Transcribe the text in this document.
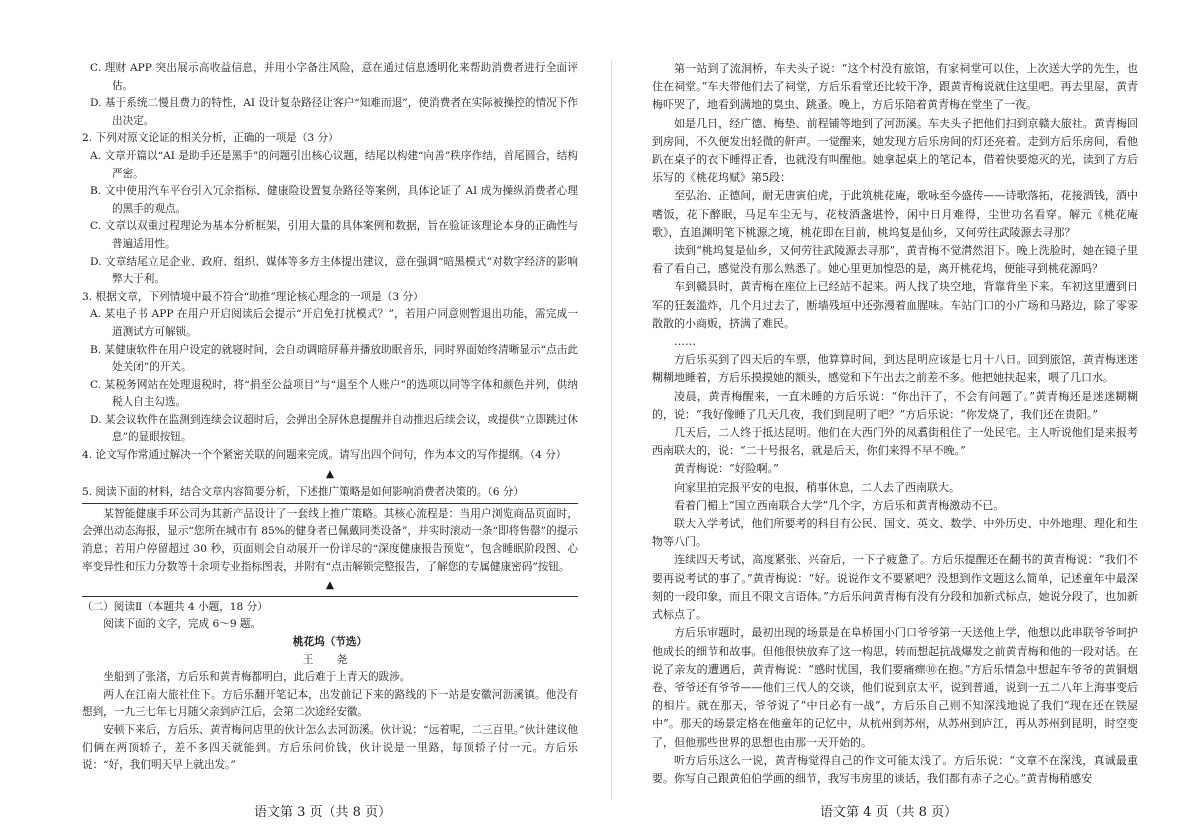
C. 理财 APP 突出展示高收益信息，并用小字备注风险，意在通过信息透明化来帮助消费者进行全面评估。

D. 基于系统二慢且费力的特性，AI 设计复杂路径让客户“知难而退”，使消费者在实际被操控的情况下作出决定。

2. 下列对原文论证的相关分析，正确的一项是（3 分）

A. 文章开篇以“AI 是助手还是黑手”的问题引出核心议题，结尾以构建“向善”秩序作结，首尾圆合，结构严密。

B. 文中使用汽车平台引入冗余指标、健康险设置复杂路径等案例，具体论证了 AI 成为操纵消费者心理的黑手的观点。

C. 文章以双重过程理论为基本分析框架，引用大量的具体案例和数据，旨在验证该理论本身的正确性与普遍适用性。

D. 文章结尾立足企业、政府、组织、媒体等多方主体提出建议，意在强调“暗黑模式”对数字经济的影响弊大于利。

3. 根据文章，下列情境中最不符合“助推”理论核心理念的一项是（3 分）

A. 某电子书 APP 在用户开启阅读后会提示“开启免打扰模式？”，若用户同意则暂退出功能，需完成一道测试方可解锁。

B. 某健康软件在用户设定的就寝时间，会自动调暗屏幕并播放助眠音乐，同时界面始终清晰显示“点击此处关闭”的开关。

C. 某税务网站在处理退税时，将“捐至公益项目”与“退至个人账户”的选项以同等字体和颜色并列，供纳税人自主勾选。

D. 某会议软件在监测到连续会议超时后，会弹出全屏休息提醒并自动推迟后续会议，或提供“立即跳过休息”的显眼按钮。

4. 论文写作常通过解决一个个紧密关联的问题来完成。请写出四个问句，作为本文的写作提纲。（4 分）

▲

5. 阅读下面的材料，结合文章内容简要分析，下述推广策略是如何影响消费者决策的。（6 分）

某智能健康手环公司为其新产品设计了一套线上推广策略。其核心流程是：当用户浏览商品页面时，会弹出动态海报，显示“您所在城市有 85%的健身者已佩戴同类设备”，并实时滚动一条“即将售罄”的提示消息；若用户停留超过 30 秒，页面则会自动展开一份详尽的“深度健康报告预览”，包含睡眠阶段图、心率变异性和压力分数等十余项专业指标图表，并附有“点击解锁完整报告，了解您的专属健康密码”按钮。

▲

（二）阅读Ⅱ（本题共 4 小题，18 分）

阅读下面的文字，完成 6～9 题。

桃花坞（节选）

王 尧

坐船到了张渚，方后乐和黄青梅都明白，此后难于上青天的跋涉。

两人在江南大旅社住下。方后乐翻开笔记本，出发前记下来的路线的下一站是安徽河沥溪镇。他没有想到，一九三七年七月随父亲到庐江后，会第二次途经安徽。

安顿下来后，方后乐、黄青梅问店里的伙计怎么去河沥溪。伙计说：“远着呢，二三百里。”伙计建议他们俩在两顶轿子，差不多四天就能到。方后乐问价钱，伙计说是一里路，每顶轿子付一元。方后乐说：“好，我们明天早上就出发。”

第一站到了流洞桥，车夫头子说：“这个村没有旅馆，有家祠堂可以住，上次送大学的先生，也住在祠堂。”车夫带他们去了祠堂，方后乐看堂还比较干净，跟黄青梅说就住这里吧。再去里屋，黄青梅吓哭了，地看到满地的臭虫、跳蚤。晚上，方后乐陪着黄青梅在堂坐了一夜。

如是几日，经广德、梅垫、前程铺等地到了河沥溪。车夫头子把他们扫到京赣大旅社。黄青梅回到房间，不久便发出轻微的鼾声。一觉醒来，她发现方后乐房间的灯还亮着。走到方后乐房间，看他趴在桌子的衣下睡得正香，也就没有叫醒他。她拿起桌上的笔记本，借着快要熄灭的光，读到了方后乐写的《桃花坞赋》第5段：

至弘治、正德间，耐无唐寅伯虎，于此筑桃花庵，歌咏至今盛传——诗歌落拓，花接酒钱，酒中嗜饭，花下醉眠，马足车尘无与，花枝酒盏堪怜，闲中日月难得，尘世功名看穿。解元《桃花庵歌》，直追渊明笔下桃源之境，桃花即在目前，桃坞复是仙乡，又何劳往武陵源去寻那？

读到“桃坞复是仙乡，又何劳往武陵源去寻那”，黄青梅不觉潸然泪下。晚上洗脸时，她在镜子里看了看自己，感觉没有那么熟悉了。她心里更加惶恐的是，离开桃花坞，便能寻到桃花源吗？

车到赣县时，黄青梅在座位上已经站不起来。两人找了块空地，背靠背坐下来。车初这里遭到日军的狂轰滥炸，几个月过去了，断墙残垣中还弥漫着血腥味。车站门口的小广场和马路边，除了零零散散的小商贩，挤满了难民。

……

方后乐买到了四天后的车票，他算算时间，到达昆明应该是七月十八日。回到旅馆，黄青梅迷迷糊糊地睡着，方后乐摸摸她的额头，感觉和下午出去之前差不多。他把她扶起来，喂了几口水。

凌晨，黄青梅醒来，一直未睡的方后乐说：“你出汗了，不会有问题了。”黄青梅还是迷迷糊糊的，说：“我好像睡了几天几夜，我们到昆明了吧？”方后乐说：“你发烧了，我们还在贵阳。”

几天后，二人终于抵达昆明。他们在大西门外的凤翥街租住了一处民宅。主人听说他们是来报考西南联大的，说：“二十号报名，就是后天，你们来得不早不晚。”

黄青梅说：“好险啊。”

向家里拍完报平安的电报，稍事休息，二人去了西南联大。

看着门楣上“国立西南联合大学”几个字，方后乐和黄青梅激动不已。

联大入学考试，他们所要考的科目有公民、国文、英文、数学、中外历史、中外地理、理化和生物等八门。

连续四天考试，高度紧张、兴奋后，一下子疲惫了。方后乐提醒还在翻书的黄青梅说：“我们不要再说考试的事了。”黄青梅说：“好。说说作文不要紧吧？没想到作文题这么简单，记述童年中最深刻的一段印象，而且不限文言语体。”方后乐问黄青梅有没有分段和加新式标点，她说分段了，也加新式标点了。

方后乐审题时，最初出现的场景是在阜桥国小门口爷爷第一天送他上学，他想以此串联爷爷呵护他成长的细节和故事。但他很快放弃了这一构思，转而想起抗战爆发之前黄青梅和他的一段对话。在说了亲友的遭遇后，黄青梅说：“感时忧国，我们要痛瘝⑩在抱。”方后乐情急中想起车爷爷的黄铜烟卷、爷爷还有爷爷——他们三代人的交谈，他们说到京太平，说到普通，说到一五二八年上海事变后的相片。就在那天，爷爷说了“中日必有一战”，方后乐自己则不知深浅地说了我们“现在还在铁屋中”。那天的场景定格在他童年的记忆中，从杭州到苏州，从苏州到庐江，再从苏州到昆明，时空变了，但他那些世界的思想也由那一天开始的。

听方后乐这么一说，黄青梅觉得自己的作文可能太浅了。方后乐说：“文章不在深浅，真诚最重要。你写自己跟黄伯伯学画的细节，我写韦房里的谈话，我们都有赤子之心。”黄青梅稍感安

语文第 3 页（共 8 页）	语文第 4 页（共 8 页）
